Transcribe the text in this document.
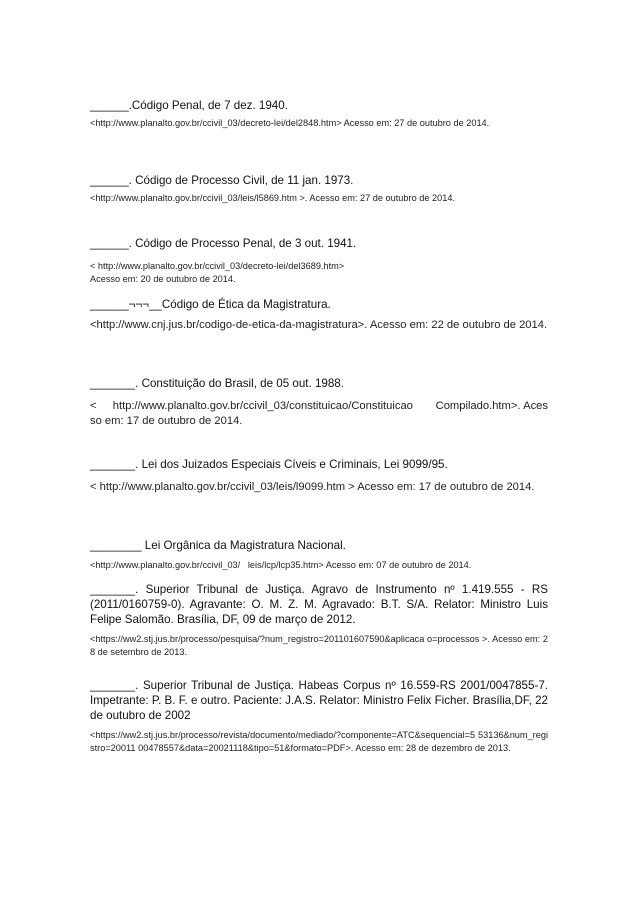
______.Código Penal, de 7 dez. 1940.

<http://www.planalto.gov.br/ccivil_03/decreto-lei/del2848.htm> Acesso em: 27 de outubro de 2014.

______. Código de Processo Civil, de 11 jan. 1973.

<http://www.planalto.gov.br/ccivil_03/leis/l5869.htm >. Acesso em: 27 de outubro de 2014.

______. Código de Processo Penal, de 3 out. 1941.

< http://www.planalto.gov.br/ccivil_03/decreto-lei/del3689.htm>

Acesso em: 20 de outubro de 2014.

______¬¬¬__Código de Ética da Magistratura.

<http://www.cnj.jus.br/codigo-de-etica-da-magistratura>. Acesso em: 22 de outubro de 2014.

_______. Constituição do Brasil, de 05 out. 1988.

<     http://www.planalto.gov.br/ccivil_03/constituicao/Constituicao       Compilado.htm>. Acesso em: 17 de outubro de 2014.

_______. Lei dos Juizados Especiais Cíveis e Criminais, Lei 9099/95.

< http://www.planalto.gov.br/ccivil_03/leis/l9099.htm > Acesso em: 17 de outubro de 2014.

________ Lei Orgânica da Magistratura Nacional.

<http://www.planalto.gov.br/ccivil_03/   leis/lcp/lcp35.htm> Acesso em: 07 de outubro de 2014.

_______. Superior Tribunal de Justiça. Agravo de Instrumento nº 1.419.555 - RS (2011/0160759-0). Agravante: O. M. Z. M. Agravado: B.T. S/A. Relator: Ministro Luis Felipe Salomão. Brasília, DF, 09 de março de 2012.

<https://ww2.stj.jus.br/processo/pesquisa/?num_registro=201101607590&aplicaca o=processos >. Acesso em: 28 de setembro de 2013.

_______. Superior Tribunal de Justiça. Habeas Corpus nº 16.559-RS 2001/0047855-7. Impetrante: P. B. F. e outro. Paciente: J.A.S. Relator: Ministro Felix Ficher. Brasília,DF, 22 de outubro de 2002

<https://ww2.stj.jus.br/processo/revista/documento/mediado/?componente=ATC&sequencial=5 53136&num_registro=20011 00478557&data=20021118&tipo=51&formato=PDF>. Acesso em: 28 de dezembro de 2013.
